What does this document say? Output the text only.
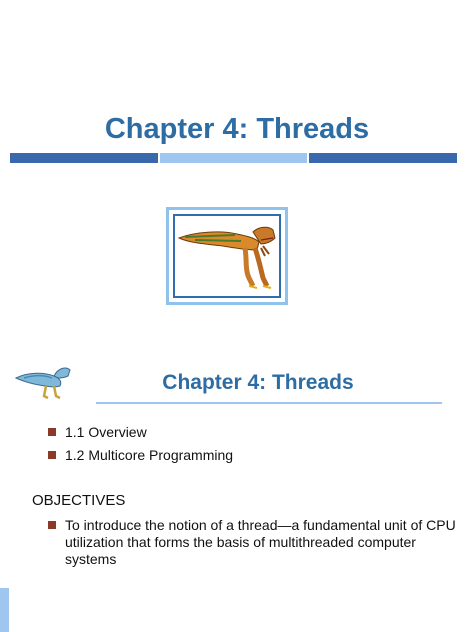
Chapter 4: Threads
Chapter 4: Threads
1.1 Overview
1.2 Multicore Programming
OBJECTIVES
To introduce the notion of a thread—a fundamental unit of CPU utilization that forms the basis of multithreaded computer systems
